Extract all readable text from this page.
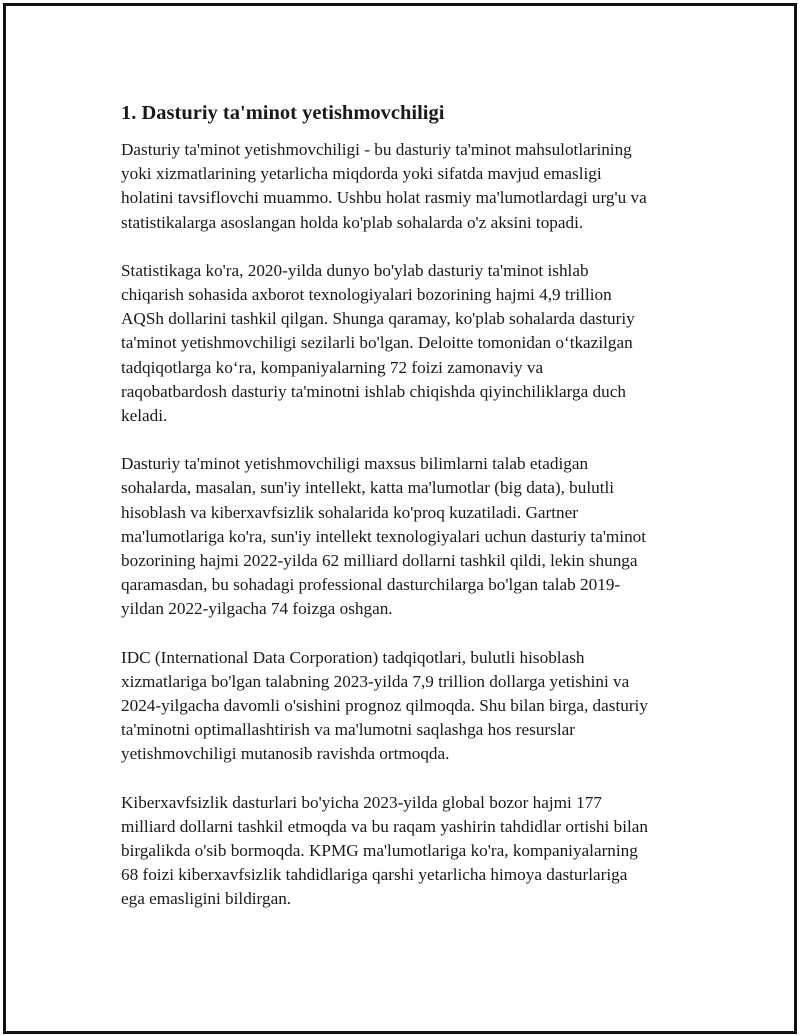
1. Dasturiy ta'minot yetishmovchiligi

Dasturiy ta'minot yetishmovchiligi - bu dasturiy ta'minot mahsulotlarining
yoki xizmatlarining yetarlicha miqdorda yoki sifatda mavjud emasligi
holatini tavsiflovchi muammo. Ushbu holat rasmiy ma'lumotlardagi urg'u va
statistikalarga asoslangan holda ko'plab sohalarda o'z aksini topadi.

Statistikaga ko'ra, 2020-yilda dunyo bo'ylab dasturiy ta'minot ishlab
chiqarish sohasida axborot texnologiyalari bozorining hajmi 4,9 trillion
AQSh dollarini tashkil qilgan. Shunga qaramay, ko'plab sohalarda dasturiy
ta'minot yetishmovchiligi sezilarli bo'lgan. Deloitte tomonidan o‘tkazilgan
tadqiqotlarga ko‘ra, kompaniyalarning 72 foizi zamonaviy va
raqobatbardosh dasturiy ta'minotni ishlab chiqishda qiyinchiliklarga duch
keladi.

Dasturiy ta'minot yetishmovchiligi maxsus bilimlarni talab etadigan
sohalarda, masalan, sun'iy intellekt, katta ma'lumotlar (big data), bulutli
hisoblash va kiberxavfsizlik sohalarida ko'proq kuzatiladi. Gartner
ma'lumotlariga ko'ra, sun'iy intellekt texnologiyalari uchun dasturiy ta'minot
bozorining hajmi 2022-yilda 62 milliard dollarni tashkil qildi, lekin shunga
qaramasdan, bu sohadagi professional dasturchilarga bo'lgan talab 2019-
yildan 2022-yilgacha 74 foizga oshgan.

IDC (International Data Corporation) tadqiqotlari, bulutli hisoblash
xizmatlariga bo'lgan talabning 2023-yilda 7,9 trillion dollarga yetishini va
2024-yilgacha davomli o'sishini prognoz qilmoqda. Shu bilan birga, dasturiy
ta'minotni optimallashtirish va ma'lumotni saqlashga hos resurslar
yetishmovchiligi mutanosib ravishda ortmoqda.

Kiberxavfsizlik dasturlari bo'yicha 2023-yilda global bozor hajmi 177
milliard dollarni tashkil etmoqda va bu raqam yashirin tahdidlar ortishi bilan
birgalikda o'sib bormoqda. KPMG ma'lumotlariga ko'ra, kompaniyalarning
68 foizi kiberxavfsizlik tahdidlariga qarshi yetarlicha himoya dasturlariga
ega emasligini bildirgan.
